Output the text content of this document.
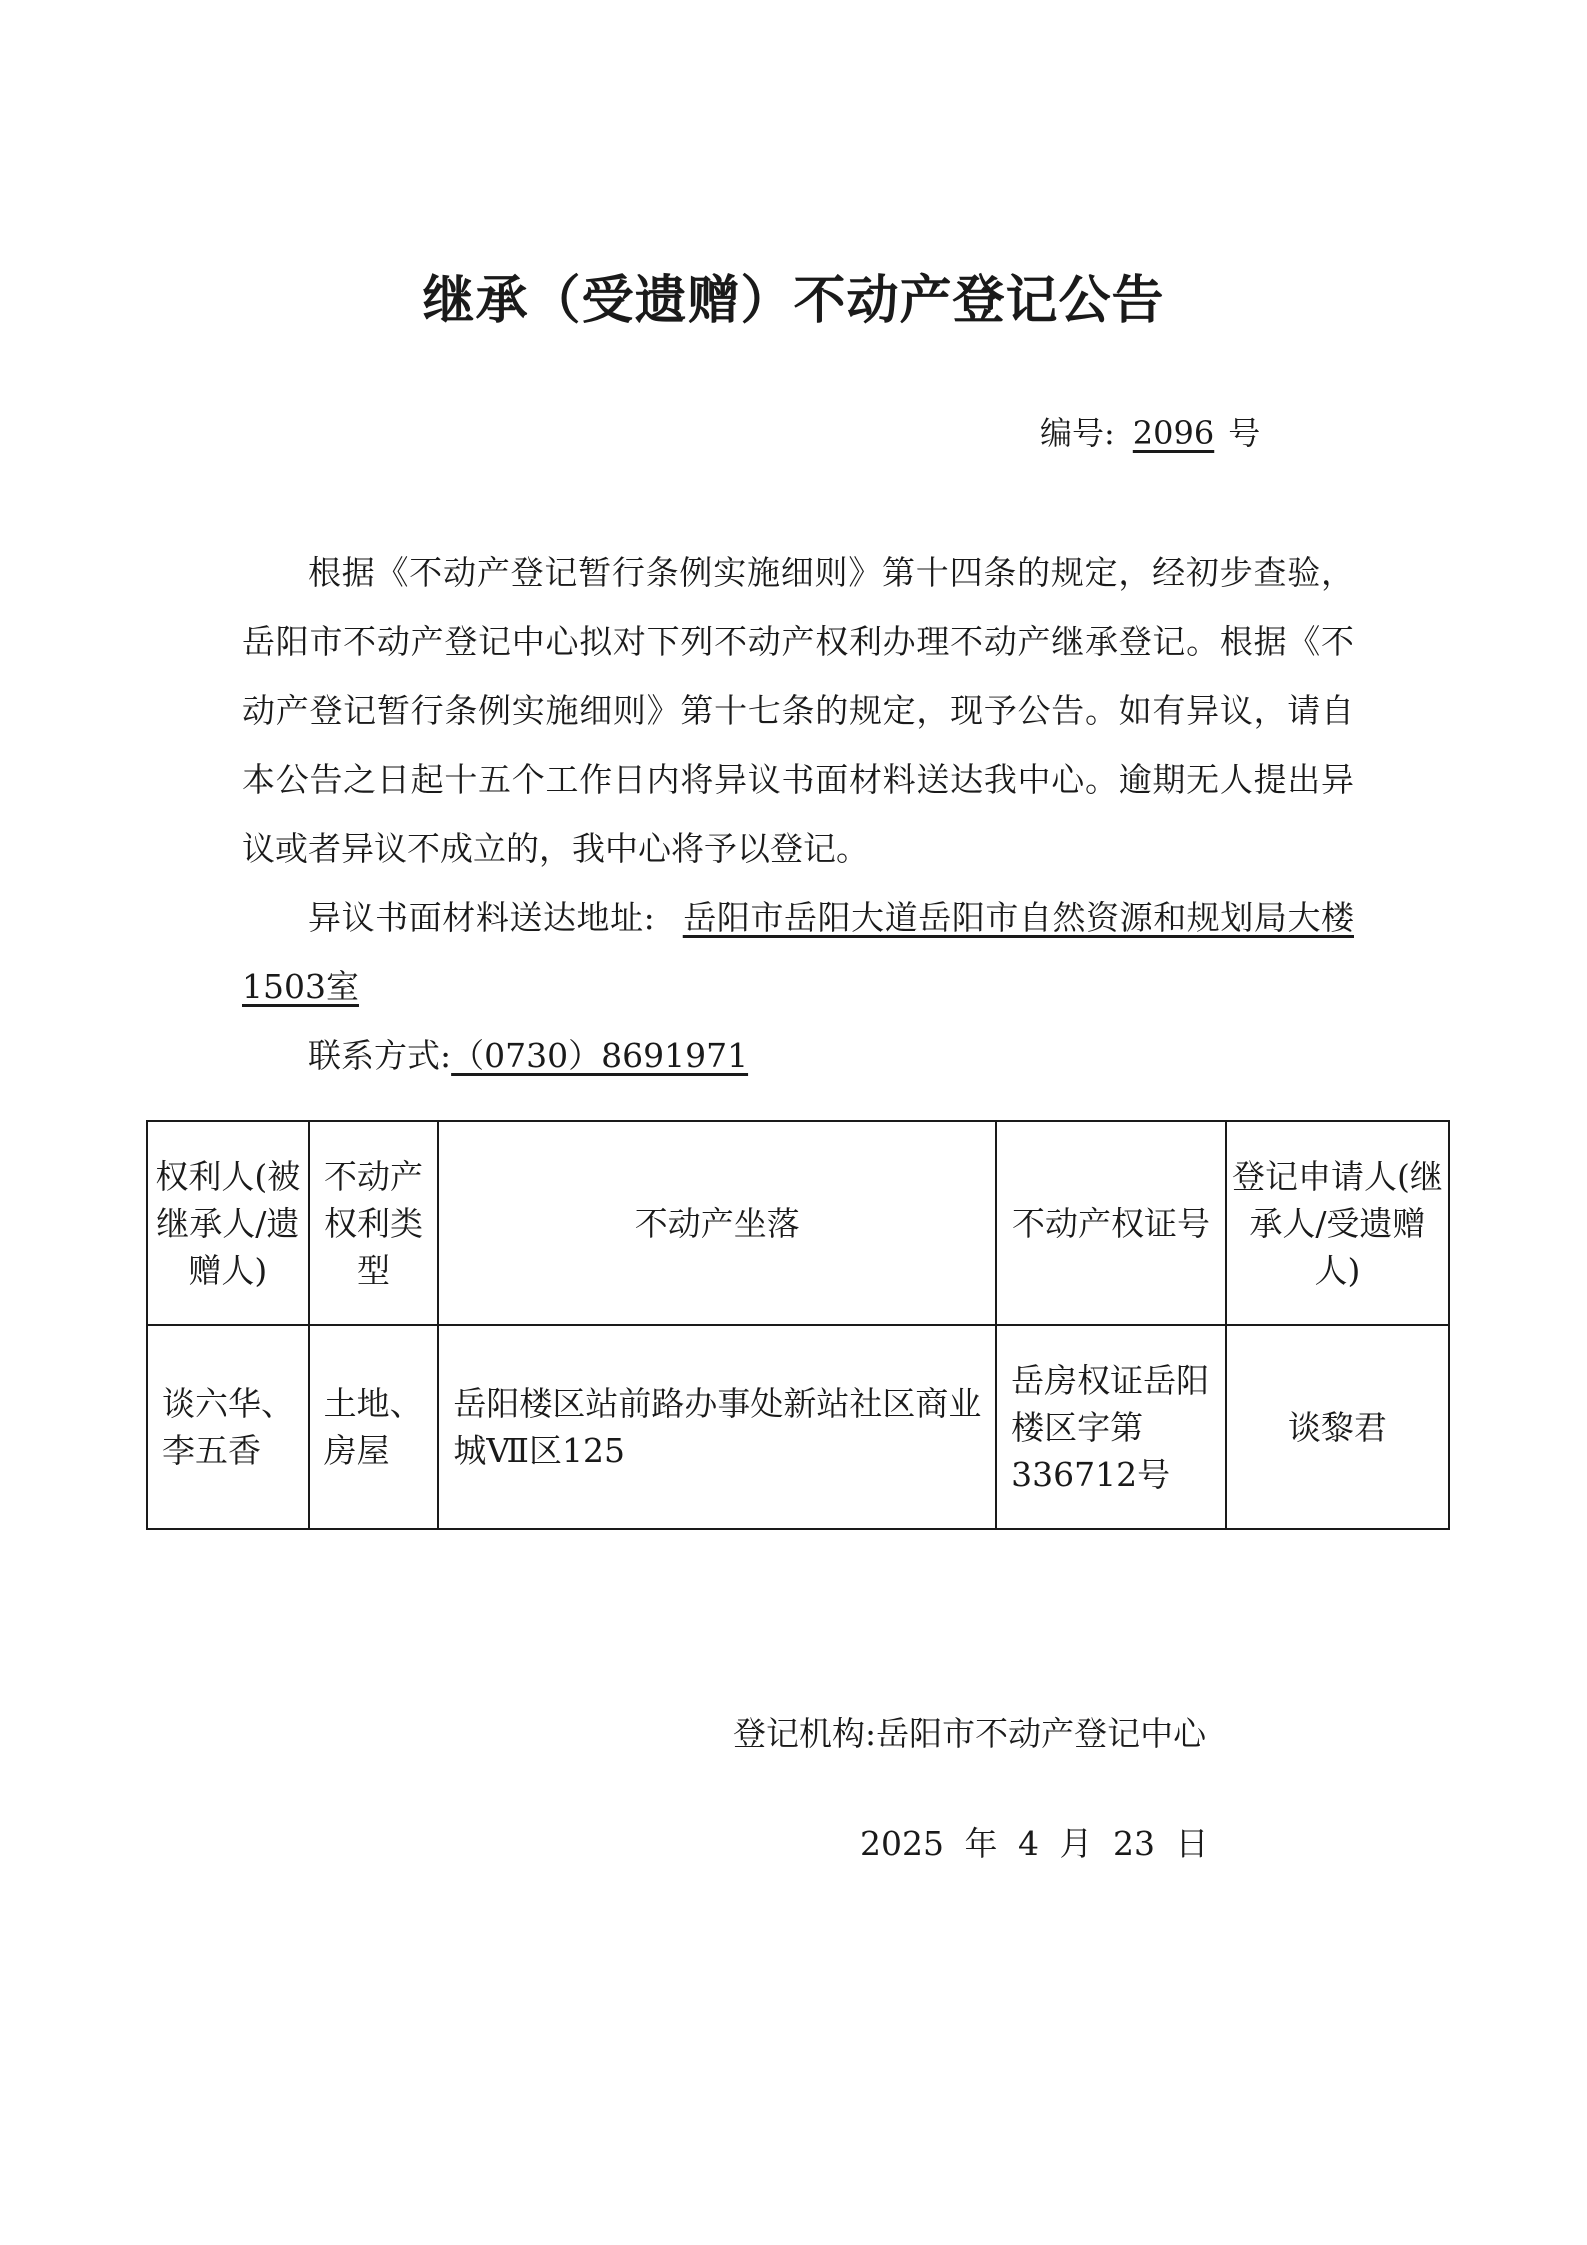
继承（受遗赠）不动产登记公告
编号: 2096 号

根据《不动产登记暂行条例实施细则》第十四条的规定，经初步查验，岳阳市不动产登记中心拟对下列不动产权利办理不动产继承登记。根据《不动产登记暂行条例实施细则》第十七条的规定，现予公告。如有异议，请自本公告之日起十五个工作日内将异议书面材料送达我中心。逾期无人提出异议或者异议不成立的，我中心将予以登记。

异议书面材料送达地址: 岳阳市岳阳大道岳阳市自然资源和规划局大楼1503室

联系方式:（0730）8691971

权利人(被继承人/遗赠人)	不动产权利类型	不动产坐落	不动产权证号	登记申请人(继承人/受遗赠人)
谈六华、李五香	土地、房屋	岳阳楼区站前路办事处新站社区商业城Ⅶ区125	岳房权证岳阳楼区字第336712号	谈黎君
登记机构:岳阳市不动产登记中心
2025 年 4 月 23 日
